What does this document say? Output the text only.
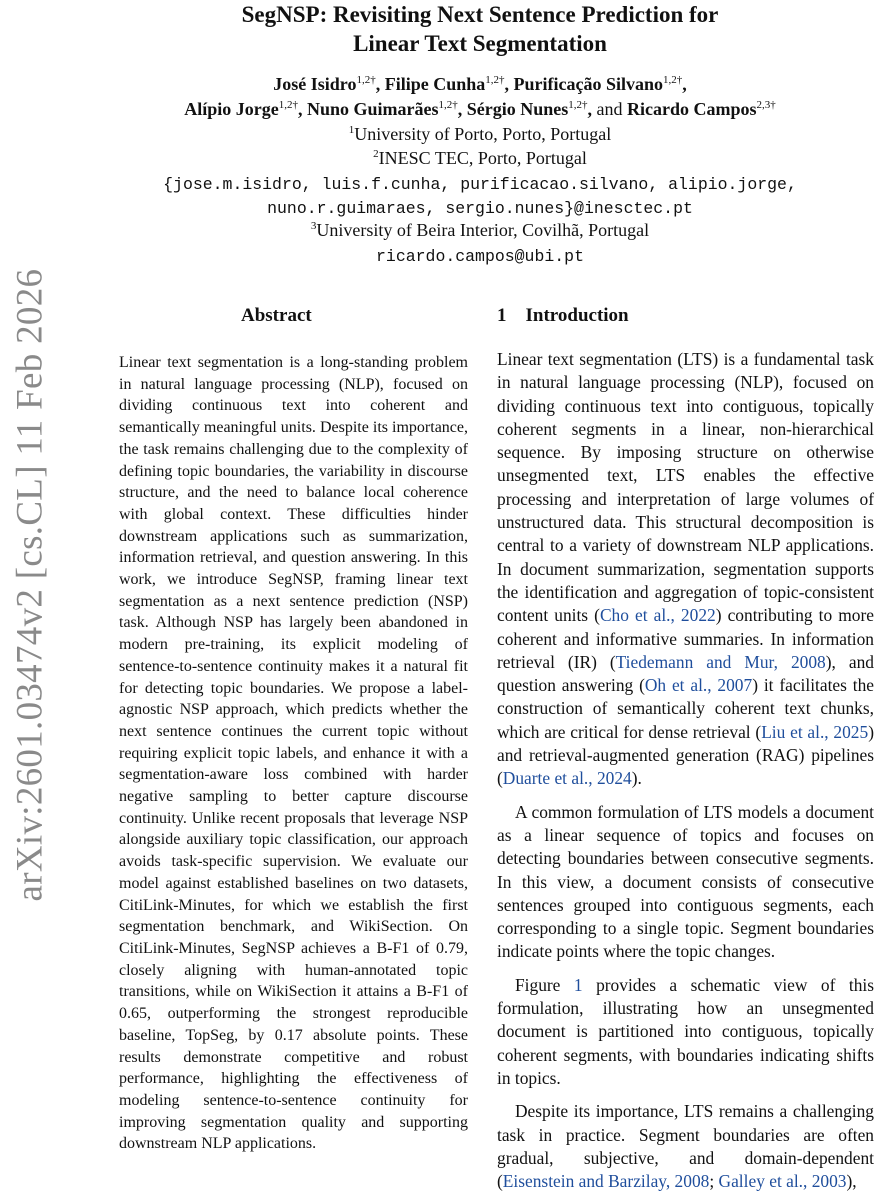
arXiv:2601.03474v2 [cs.CL] 11 Feb 2026
SegNSP: Revisiting Next Sentence Prediction for
Linear Text Segmentation
José Isidro$^{1,2\dagger}$, Filipe Cunha$^{1,2\dagger}$, Purificação Silvano$^{1,2\dagger}$,
Alípio Jorge$^{1,2\dagger}$, Nuno Guimarães$^{1,2\dagger}$, Sérgio Nunes$^{1,2\dagger}$, and Ricardo Campos$^{2,3\dagger}$
$^1$University of Porto, Porto, Portugal
$^2$INESC TEC, Porto, Portugal
{jose.m.isidro, luis.f.cunha, purificacao.silvano, alipio.jorge,
nuno.r.guimaraes, sergio.nunes}@inesctec.pt
$^3$University of Beira Interior, Covilhã, Portugal
ricardo.campos@ubi.pt
Abstract	1 Introduction

Linear text segmentation is a long-standing problem in natural language processing (NLP), focused on dividing continuous text into coherent and semantically meaningful units. Despite its importance, the task remains challenging due to the complexity of defining topic boundaries, the variability in discourse structure, and the need to balance local coherence with global context. These difficulties hinder downstream applications such as summarization, information retrieval, and question answering. In this work, we introduce SegNSP, framing linear text segmentation as a next sentence prediction (NSP) task. Although NSP has largely been abandoned in modern pre-training, its explicit modeling of sentence-to-sentence continuity makes it a natural fit for detecting topic boundaries. We propose a label-agnostic NSP approach, which predicts whether the next sentence continues the current topic without requiring explicit topic labels, and enhance it with a segmentation-aware loss combined with harder negative sampling to better capture discourse continuity. Unlike recent proposals that leverage NSP alongside auxiliary topic classification, our approach avoids task-specific supervision. We evaluate our model against established baselines on two datasets, CitiLink-Minutes, for which we establish the first segmentation benchmark, and WikiSection. On CitiLink-Minutes, SegNSP achieves a B-F1 of 0.79, closely aligning with human-annotated topic transitions, while on WikiSection it attains a B-F1 of 0.65, outperforming the strongest reproducible baseline, TopSeg, by 0.17 absolute points. These results demonstrate competitive and robust performance, highlighting the effectiveness of modeling sentence-to-sentence continuity for improving segmentation quality and supporting downstream NLP applications.

Linear text segmentation (LTS) is a fundamental task in natural language processing (NLP), focused on dividing continuous text into contiguous, topically coherent segments in a linear, non-hierarchical sequence. By imposing structure on otherwise unsegmented text, LTS enables the effective processing and interpretation of large volumes of unstructured data. This structural decomposition is central to a variety of downstream NLP applications. In document summarization, segmentation supports the identification and aggregation of topic-consistent content units (Cho et al., 2022) contributing to more coherent and informative summaries. In information retrieval (IR) (Tiedemann and Mur, 2008), and question answering (Oh et al., 2007) it facilitates the construction of semantically coherent text chunks, which are critical for dense retrieval (Liu et al., 2025) and retrieval-augmented generation (RAG) pipelines (Duarte et al., 2024).

A common formulation of LTS models a document as a linear sequence of topics and focuses on detecting boundaries between consecutive segments. In this view, a document consists of consecutive sentences grouped into contiguous segments, each corresponding to a single topic. Segment boundaries indicate points where the topic changes.

Figure 1 provides a schematic view of this formulation, illustrating how an unsegmented document is partitioned into contiguous, topically coherent segments, with boundaries indicating shifts in topics.

Despite its importance, LTS remains a challenging task in practice. Segment boundaries are often gradual, subjective, and domain-dependent (Eisenstein and Barzilay, 2008; Galley et al., 2003),
